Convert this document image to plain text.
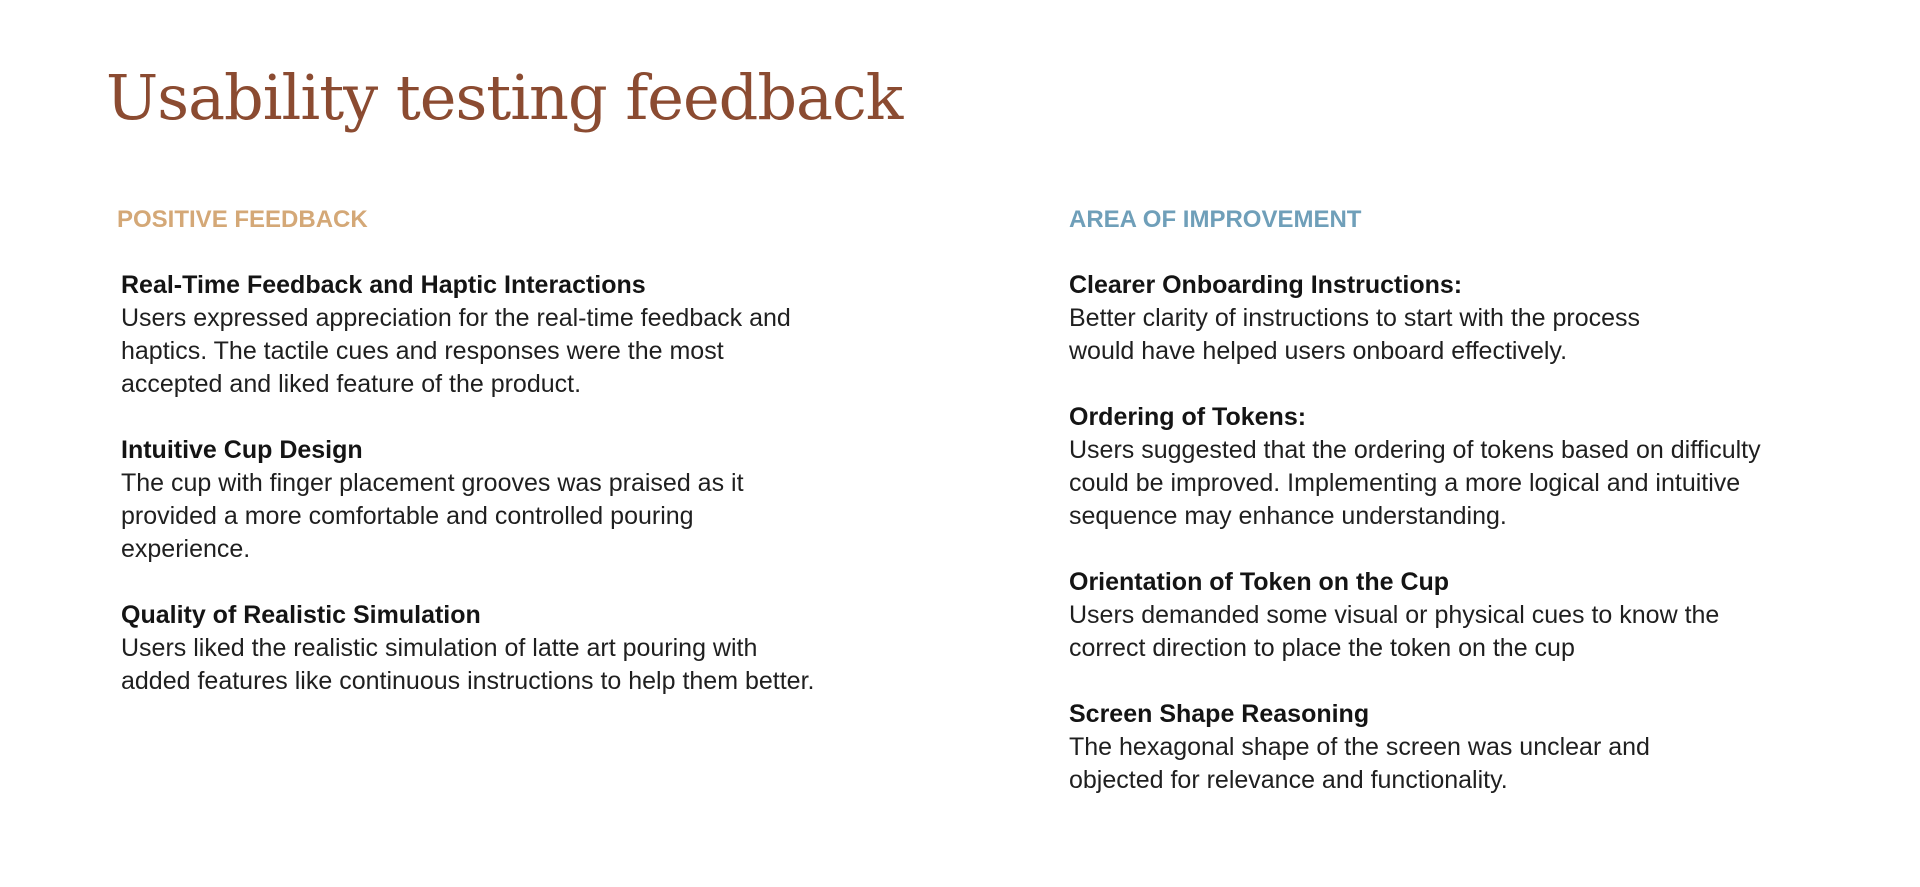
Usability testing feedback
POSITIVE FEEDBACK
Real-Time Feedback and Haptic Interactions
Users expressed appreciation for the real-time feedback and haptics. The tactile cues and responses were the most accepted and liked feature of the product.
Intuitive Cup Design
The cup with finger placement grooves was praised as it provided a more comfortable and controlled pouring experience.
Quality of Realistic Simulation
Users liked the realistic simulation of latte art pouring with added features like continuous instructions to help them better.
AREA OF IMPROVEMENT
Clearer Onboarding Instructions:
Better clarity of instructions to start with the process would have helped users onboard effectively.
Ordering of Tokens:
Users suggested that the ordering of tokens based on difficulty could be improved. Implementing a more logical and intuitive sequence may enhance understanding.
Orientation of Token on the Cup
Users demanded some visual or physical cues to know the correct direction to place the token on the cup
Screen Shape Reasoning
The hexagonal shape of the screen was unclear and objected for relevance and functionality.
